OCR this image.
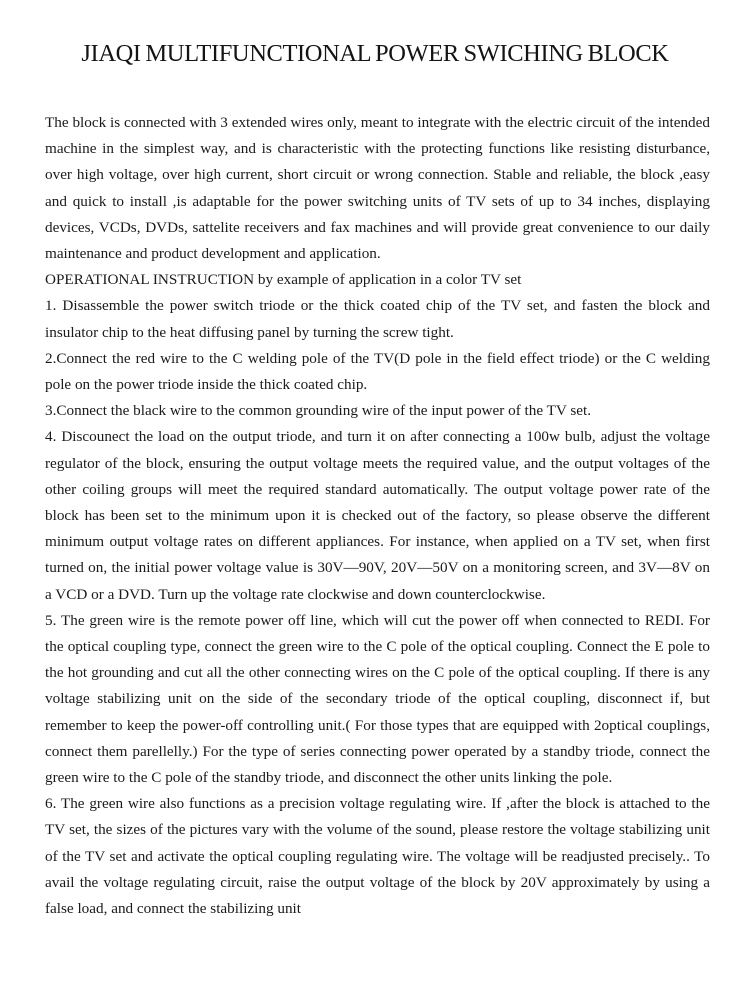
JIAQI MULTIFUNCTIONAL POWER SWICHING BLOCK

The block is connected with 3 extended wires only, meant to integrate with the electric circuit of the intended machine in the simplest way, and is characteristic with the protecting functions like resisting disturbance, over high voltage, over high current, short circuit or wrong connection. Stable and reliable, the block ,easy and quick to install ,is adaptable for the power switching units of TV sets of up to 34 inches, displaying devices, VCDs, DVDs, sattelite receivers and fax machines and will provide great convenience to our daily maintenance and product development and application.

OPERATIONAL INSTRUCTION by example of application in a color TV set

1. Disassemble the power switch triode or the thick coated chip of the TV set, and fasten the block and insulator chip to the heat diffusing panel by turning the screw tight.

2.Connect the red wire to the C welding pole of the TV(D pole in the field effect triode) or the C welding pole on the power triode inside the thick coated chip.

3.Connect the black wire to the common grounding wire of the input power of the TV set.

4. Discounect the load on the output triode, and turn it on after connecting a 100w bulb, adjust the voltage regulator of the block, ensuring the output voltage meets the required value, and the output voltages of the other coiling groups will meet the required standard automatically. The output voltage power rate of the block has been set to the minimum upon it is checked out of the factory, so please observe the different minimum output voltage rates on different appliances. For instance, when applied on a TV set, when first turned on, the initial power voltage value is 30V—90V, 20V—50V on a monitoring screen, and 3V—8V on a VCD or a DVD. Turn up the voltage rate clockwise and down counterclockwise.

5. The green wire is the remote power off line, which will cut the power off when connected to REDI. For the optical coupling type, connect the green wire to the C pole of the optical coupling. Connect the E pole to the hot grounding and cut all the other connecting wires on the C pole of the optical coupling. If there is any voltage stabilizing unit on the side of the secondary triode of the optical coupling, disconnect if, but remember to keep the power-off controlling unit.( For those types that are equipped with 2optical couplings, connect them parellelly.) For the type of series connecting power operated by a standby triode, connect the green wire to the C pole of the standby triode, and disconnect the other units linking the pole.

6. The green wire also functions as a precision voltage regulating wire. If ,after the block is attached to the TV set, the sizes of the pictures vary with the volume of the sound, please restore the voltage stabilizing unit of the TV set and activate the optical coupling regulating wire. The voltage will be readjusted precisely.. To avail the voltage regulating circuit, raise the output voltage of the block by 20V approximately by using a false load, and connect the stabilizing unit
